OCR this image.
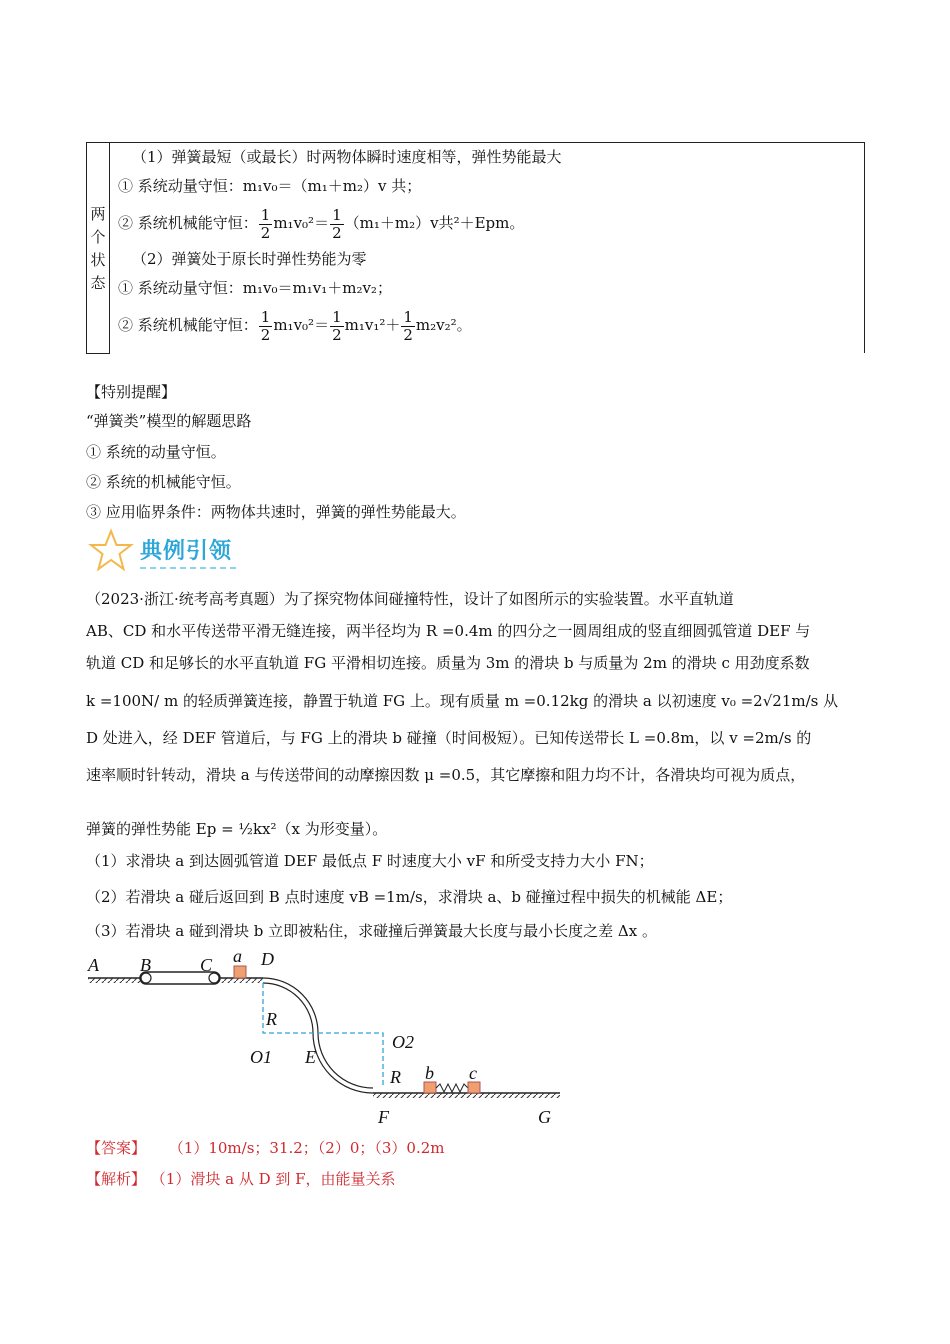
两
个
状
态

（1）弹簧最短（或最长）时两物体瞬时速度相等，弹性势能最大
① 系统动量守恒：m₁v₀＝（m₁＋m₂）v 共；
② 系统机械能守恒： $\frac{1}{2} m_1v_0^2= \frac{1}{2} (m_1+m_2)v$共²＋Epm。
（2）弹簧处于原长时弹性势能为零
① 系统动量守恒：m₁v₀＝m₁v₁＋m₂v₂；
② 系统机械能守恒： $\frac{1}{2} m_1v_0^2= \frac{1}{2} m_1v_1^2+ \frac{1}{2} m_2v_2^2$。
【特别提醒】
“弹簧类”模型的解题思路
① 系统的动量守恒。
② 系统的机械能守恒。
③ 应用临界条件：两物体共速时，弹簧的弹性势能最大。
典例引领
（2023·浙江·统考高考真题）为了探究物体间碰撞特性，设计了如图所示的实验装置。水平直轨道
AB、CD 和水平传送带平滑无缝连接，两半径均为 R =0.4m 的四分之一圆周组成的竖直细圆弧管道 DEF 与
轨道 CD 和足够长的水平直轨道 FG 平滑相切连接。质量为 3m 的滑块 b 与质量为 2m 的滑块 c 用劲度系数
k =100N/ m 的轻质弹簧连接，静置于轨道 FG 上。现有质量 m =0.12kg 的滑块 a 以初速度 v₀ =2√21m/s 从
D 处进入，经 DEF 管道后，与 FG 上的滑块 b 碰撞（时间极短）。已知传送带长 L =0.8m，以 v =2m/s 的
速率顺时针转动，滑块 a 与传送带间的动摩擦因数 μ =0.5，其它摩擦和阻力均不计，各滑块均可视为质点，
弹簧的弹性势能 Ep = ½kx²（x 为形变量）。
（1）求滑块 a 到达圆弧管道 DEF 最低点 F 时速度大小 vF 和所受支持力大小 FN；
（2）若滑块 a 碰后返回到 B 点时速度 vB =1m/s，求滑块 a、b 碰撞过程中损失的机械能 ΔE；
（3）若滑块 a 碰到滑块 b 立即被粘住，求碰撞后弹簧最大长度与最小长度之差 Δx 。
A B	C a D
R
O1 E
O2
R b c
F	G
【答案】 （1）10m/s；31.2；（2）0；（3）0.2m
【解析】 （1）滑块 a 从 D 到 F，由能量关系
